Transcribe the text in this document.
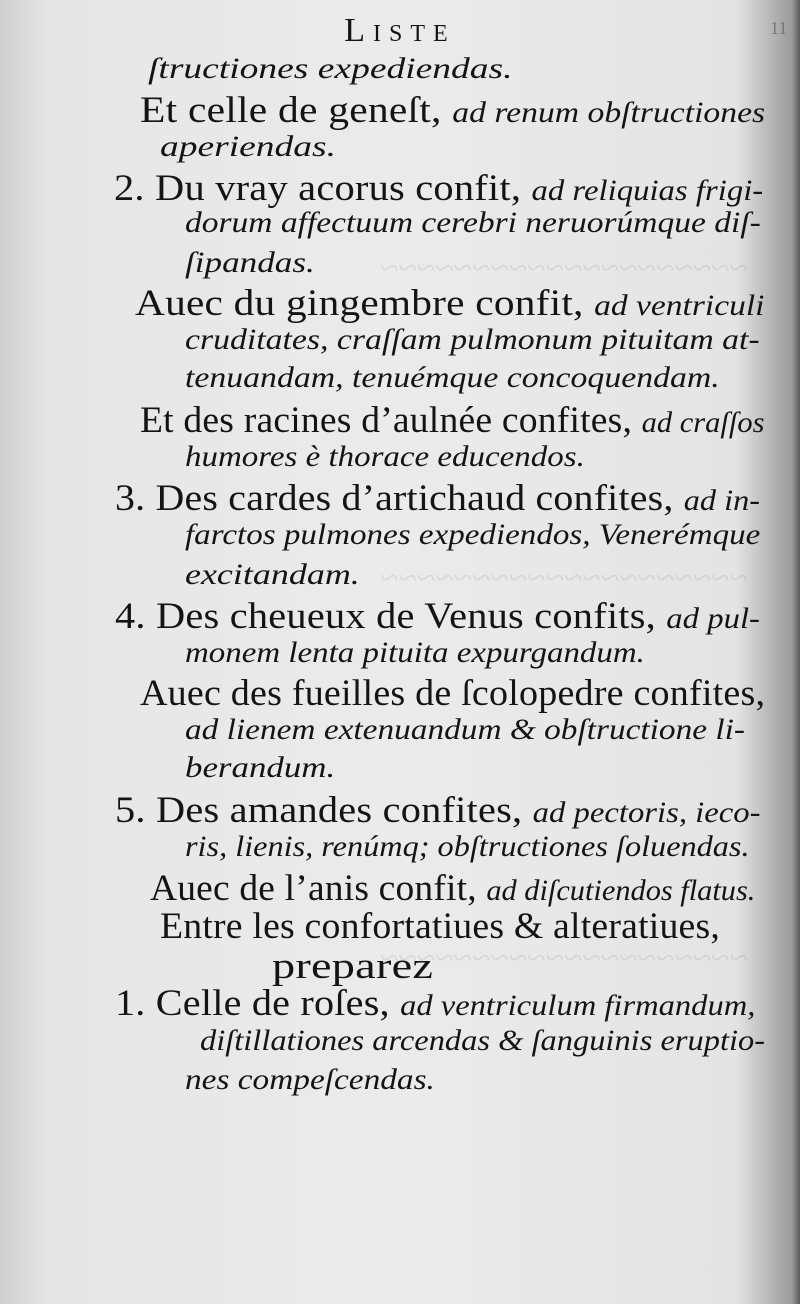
~~~~~~~~~~~~~~~~~~~~
~~~~~~~~~~~~~~~~~~~~
~~~~~~~~~~~~~~~~~~~~
Liste	11
ſtructiones expediendas.
Et celle de geneſt, ad renum obſtructiones
aperiendas.
2. Du vray acorus confit, ad reliquias frigi-
dorum affectuum cerebri neruorúmque diſ-
ſipandas.
Auec du gingembre confit, ad ventriculi
cruditates, craſſam pulmonum pituitam at-
tenuandam, tenuémque concoquendam.
Et des racines d’aulnée confites, ad craſſos
humores è thorace educendos.
3. Des cardes d’artichaud confites, ad in-
farctos pulmones expediendos, Venerémque
excitandam.
4. Des cheueux de Venus confits, ad pul-
monem lenta pituita expurgandum.
Auec des fueilles de ſcolopedre confites,
ad lienem extenuandum & obſtructione li-
berandum.
5. Des amandes confites, ad pectoris, ieco-
ris, lienis, renúmq; obſtructiones ſoluendas.
Auec de l’anis confit, ad diſcutiendos flatus.
Entre les confortatiues & alteratiues,
preparez
1. Celle de roſes, ad ventriculum firmandum,
diſtillationes arcendas & ſanguinis eruptio-
nes compeſcendas.
